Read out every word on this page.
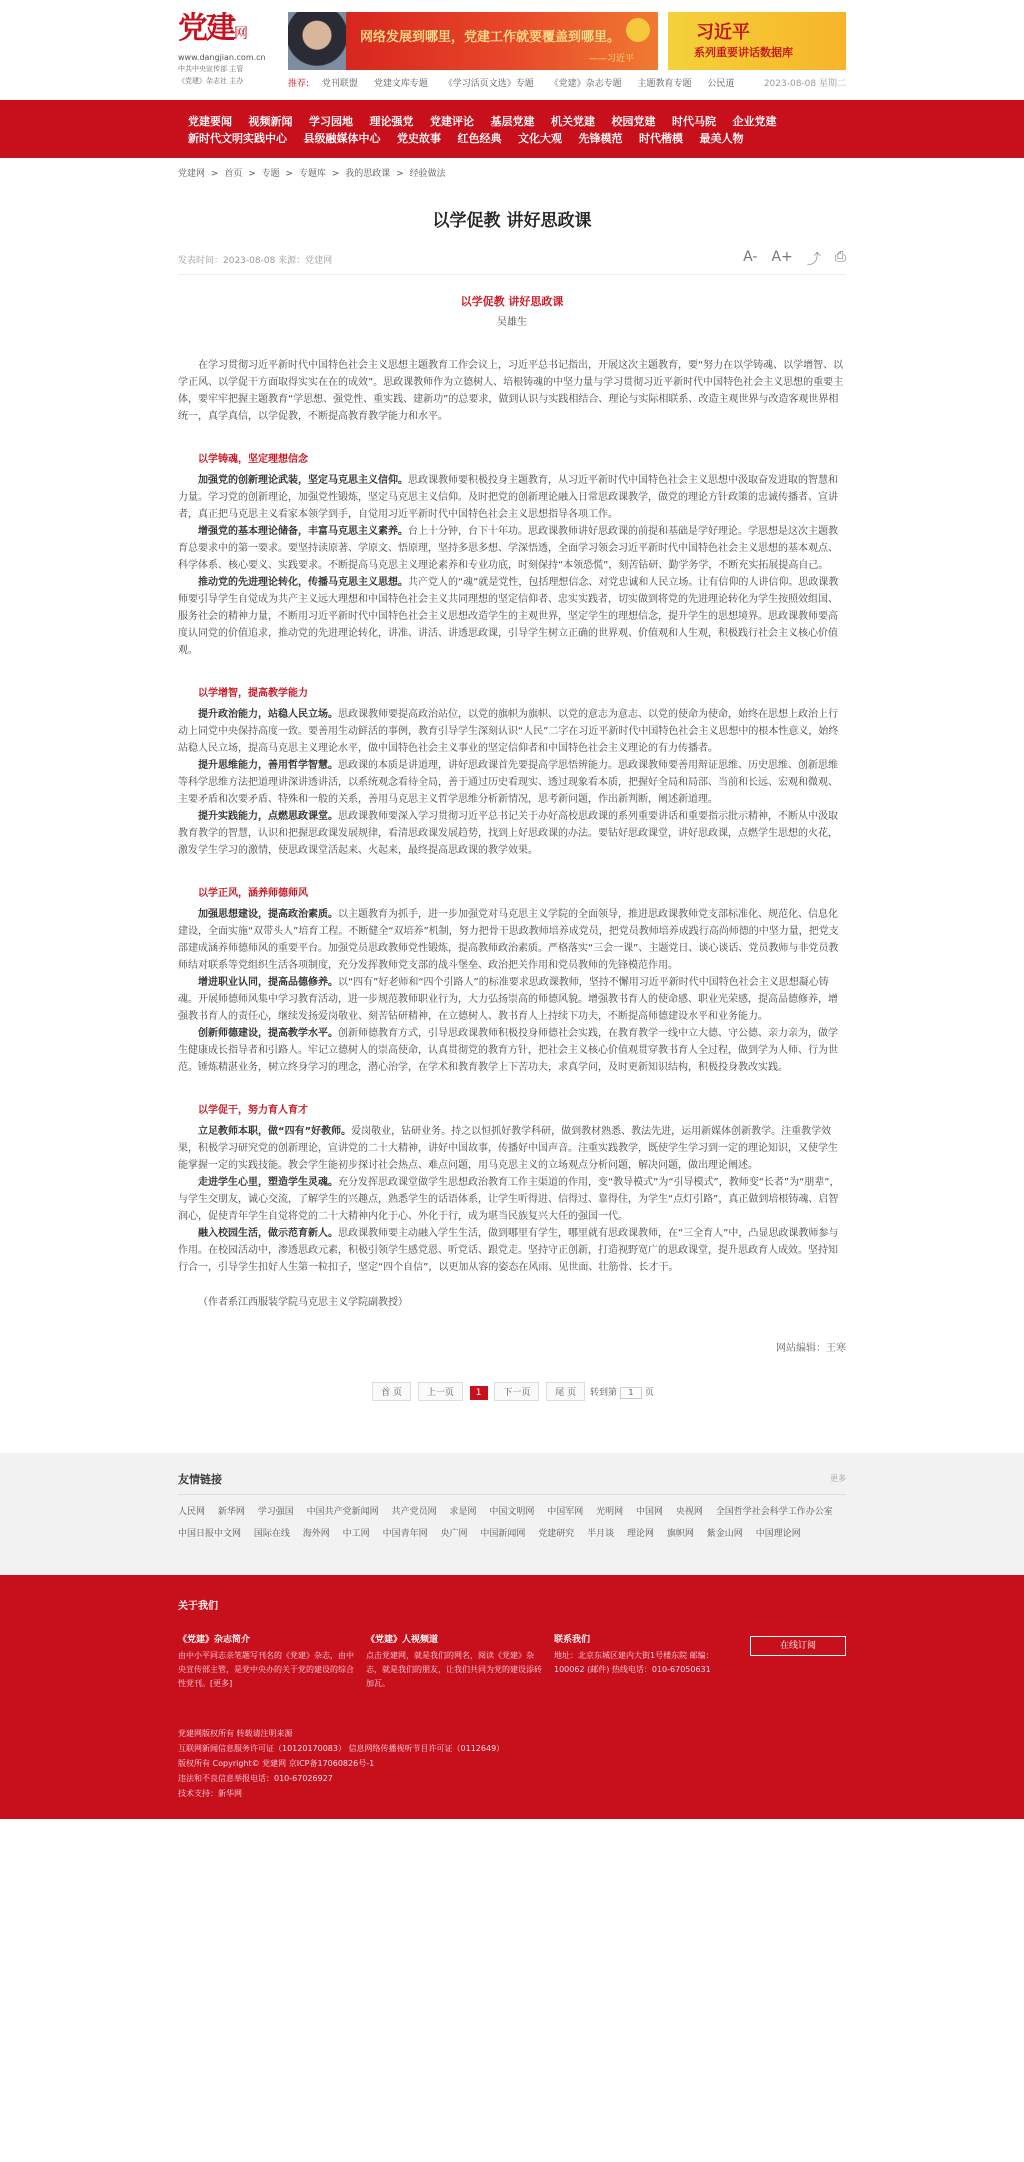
党建网
www.dangjian.com.cn
中共中央宣传部 主管
《党建》杂志社 主办
网络发展到哪里，党建工作就要覆盖到哪里。
——习近平
习近平
系列重要讲话数据库
推荐: 党刊联盟 党建文库专题 《学习活页文选》专题 《党建》杂志专题 主题教育专题 公民道	2023-08-08 星期二
党建要闻 视频新闻 学习园地 理论强党 党建评论 基层党建 机关党建 校园党建 时代马院 企业党建
新时代文明实践中心 县级融媒体中心 党史故事 红色经典 文化大观 先锋模范 时代楷模 最美人物
党建网 > 首页 > 专题 > 专题库 > 我的思政课 > 经验做法
以学促教 讲好思政课
发表时间：2023-08-08 来源：党建网	A- A+ ⤴ ⎙
以学促教 讲好思政课
吴雄生

在学习贯彻习近平新时代中国特色社会主义思想主题教育工作会议上，习近平总书记指出，开展这次主题教育，要“努力在以学铸魂、以学增智、以学正风、以学促干方面取得实实在在的成效”。思政课教师作为立德树人、培根铸魂的中坚力量与学习贯彻习近平新时代中国特色社会主义思想的重要主体，要牢牢把握主题教育“学思想、强党性、重实践、建新功”的总要求，做到认识与实践相结合、理论与实际相联系、改造主观世界与改造客观世界相统一，真学真信，以学促教，不断提高教育教学能力和水平。

以学铸魂，坚定理想信念

加强党的创新理论武装，坚定马克思主义信仰。思政课教师要积极投身主题教育，从习近平新时代中国特色社会主义思想中汲取奋发进取的智慧和力量。学习党的创新理论，加强党性锻炼，坚定马克思主义信仰。及时把党的创新理论融入日常思政课教学，做党的理论方针政策的忠诚传播者、宣讲者，真正把马克思主义看家本领学到手，自觉用习近平新时代中国特色社会主义思想指导各项工作。

增强党的基本理论储备，丰富马克思主义素养。台上十分钟，台下十年功。思政课教师讲好思政课的前提和基础是学好理论。学思想是这次主题教育总要求中的第一要求。要坚持读原著、学原文、悟原理，坚持多思多想、学深悟透，全面学习领会习近平新时代中国特色社会主义思想的基本观点、科学体系、核心要义、实践要求。不断提高马克思主义理论素养和专业功底，时刻保持“本领恐慌”，刻苦钻研、勤学务学，不断充实拓展提高自己。

推动党的先进理论转化，传播马克思主义思想。共产党人的“魂”就是党性，包括理想信念、对党忠诚和人民立场。让有信仰的人讲信仰。思政课教师要引导学生自觉成为共产主义远大理想和中国特色社会主义共同理想的坚定信仰者、忠实实践者，切实做到将党的先进理论转化为学生按照效组国、服务社会的精神力量，不断用习近平新时代中国特色社会主义思想改造学生的主观世界，坚定学生的理想信念，提升学生的思想境界。思政课教师要高度认同党的价值追求，推动党的先进理论转化，讲准、讲活、讲透思政课，引导学生树立正确的世界观、价值观和人生观，积极践行社会主义核心价值观。

以学增智，提高教学能力

提升政治能力，站稳人民立场。思政课教师要提高政治站位，以党的旗帜为旗帜、以党的意志为意志、以党的使命为使命，始终在思想上政治上行动上同党中央保持高度一致。要善用生动鲜活的事例，教育引导学生深刻认识“人民”二字在习近平新时代中国特色社会主义思想中的根本性意义，始终站稳人民立场，提高马克思主义理论水平，做中国特色社会主义事业的坚定信仰者和中国特色社会主义理论的有力传播者。

提升思维能力，善用哲学智慧。思政课的本质是讲道理，讲好思政课首先要提高学思悟辨能力。思政课教师要善用辩证思维、历史思维、创新思维等科学思维方法把道理讲深讲透讲活，以系统观念看待全局，善于通过历史看现实、透过现象看本质，把握好全局和局部、当前和长远、宏观和微观、主要矛盾和次要矛盾、特殊和一般的关系，善用马克思主义哲学思维分析新情况，思考新问题，作出新判断，阐述新道理。

提升实践能力，点燃思政课堂。思政课教师要深入学习贯彻习近平总书记关于办好高校思政课的系列重要讲话和重要指示批示精神，不断从中汲取教育教学的智慧，认识和把握思政课发展规律，看清思政课发展趋势，找到上好思政课的办法。要钻好思政课堂，讲好思政课，点燃学生思想的火花，激发学生学习的激情，使思政课堂活起来、火起来，最终提高思政课的教学效果。

以学正风，涵养师德师风

加强思想建设，提高政治素质。以主题教育为抓手，进一步加强党对马克思主义学院的全面领导，推进思政课教师党支部标准化、规范化、信息化建设，全面实施“双带头人”培育工程。不断健全“双培养”机制，努力把骨干思政教师培养成党员，把党员教师培养成践行高尚师德的中坚力量，把党支部建成涵养师德师风的重要平台。加强党员思政教师党性锻炼，提高教师政治素质。严格落实“三会一课”、主题党日、谈心谈话、党员教师与非党员教师结对联系等党组织生活各项制度，充分发挥教师党支部的战斗堡垒、政治把关作用和党员教师的先锋模范作用。

增进职业认同，提高品德修养。以“四有”好老师和“四个引路人”的标准要求思政课教师，坚持不懈用习近平新时代中国特色社会主义思想凝心铸魂。开展师德师风集中学习教育活动，进一步规范教师职业行为，大力弘扬崇高的师德风貌。增强教书育人的使命感、职业光荣感，提高品德修养，增强教书育人的责任心，继续发扬爱岗敬业、刻苦钻研精神，在立德树人、教书育人上持续下功夫，不断提高师德建设水平和业务能力。

创新师德建设，提高教学水平。创新师德教育方式，引导思政课教师积极投身师德社会实践，在教育教学一线中立大德、守公德、亲力亲为，做学生健康成长指导者和引路人。牢记立德树人的崇高使命，认真贯彻党的教育方针，把社会主义核心价值观贯穿教书育人全过程，做到学为人师、行为世范。锤炼精湛业务，树立终身学习的理念，潜心治学，在学术和教育教学上下苦功夫，求真学问，及时更新知识结构，积极投身教改实践。

以学促干，努力育人育才

立足教师本职，做“四有”好教师。爱岗敬业，钻研业务。持之以恒抓好教学科研，做到教材熟悉、教法先进，运用新媒体创新教学。注重教学效果，积极学习研究党的创新理论，宣讲党的二十大精神，讲好中国故事，传播好中国声音。注重实践教学，既使学生学习到一定的理论知识，又使学生能掌握一定的实践技能。教会学生能初步探讨社会热点、难点问题，用马克思主义的立场观点分析问题，解决问题，做出理论阐述。

走进学生心里，塑造学生灵魂。充分发挥思政课堂做学生思想政治教育工作主渠道的作用，变“教导模式”为“引导模式”，教师变“长者”为“朋辈”，与学生交朋友，诚心交流，了解学生的兴趣点，熟悉学生的话语体系，让学生听得进、信得过、靠得住，为学生“点灯引路”，真正做到培根铸魂、启智润心，促使青年学生自觉将党的二十大精神内化于心、外化于行，成为堪当民族复兴大任的强国一代。

融入校园生活，做示范育新人。思政课教师要主动融入学生生活，做到哪里有学生，哪里就有思政课教师，在“三全育人”中，凸显思政课教师参与作用。在校园活动中，渗透思政元素，积极引领学生感党恩、听党话、跟党走。坚持守正创新，打造视野宽广的思政课堂，提升思政育人成效。坚持知行合一，引导学生扣好人生第一粒扣子，坚定“四个自信”，以更加从容的姿态在风雨、见世面、壮筋骨、长才干。

（作者系江西服装学院马克思主义学院副教授）

网站编辑：王寒
首 页	上一页 1 下一页	尾 页 转到第 1 页
友情链接	更多
人民网 新华网 学习强国 中国共产党新闻网 共产党员网 求是网 中国文明网 中国军网 光明网 中国网 央视网 全国哲学社会科学工作办公室
中国日报中文网 国际在线 海外网 中工网 中国青年网 央广网 中国新闻网 党建研究 半月谈 理论网 旗帜网 紫金山网 中国理论网
关于我们
《党建》杂志简介
由中小平同志亲笔题写刊名的《党建》杂志，由中央宣传部主管，是党中央办的关于党的建设的综合性党刊。[更多]
《党建》人视频道
点击党建网，就是我们的网名，阅读《党建》杂志，就是我们的朋友，让我们共同为党的建设添砖加瓦。
联系我们
地址：北京东城区建内大街1号楼东院 邮编：100062 (邮件) 热线电话：010-67050631
在线订阅
党建网版权所有 转载请注明来源
互联网新闻信息服务许可证（10120170083） 信息网络传播视听节目许可证（0112649）
版权所有 Copyright© 党建网 京ICP备17060826号-1
违法和不良信息举报电话：010-67026927
技术支持：新华网
